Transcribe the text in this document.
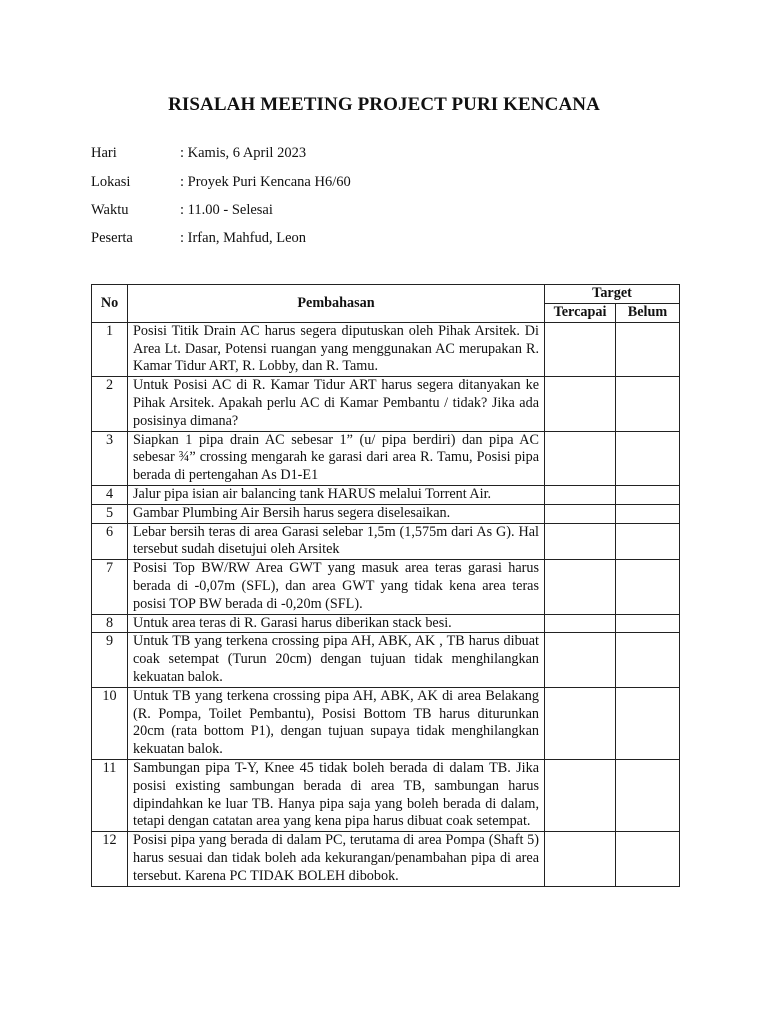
RISALAH MEETING PROJECT PURI KENCANA
Hari	: Kamis, 6 April 2023
Lokasi	: Proyek Puri Kencana H6/60
Waktu	: 11.00 - Selesai
Peserta	: Irfan, Mahfud, Leon
No	Pembahasan	Target	
		Tercapai	Belum
1	Posisi Titik Drain AC harus segera diputuskan oleh Pihak Arsitek. Di Area Lt. Dasar, Potensi ruangan yang menggunakan AC merupakan R. Kamar Tidur ART, R. Lobby, dan R. Tamu.		
2	Untuk Posisi AC di R. Kamar Tidur ART harus segera ditanyakan ke Pihak Arsitek. Apakah perlu AC di Kamar Pembantu / tidak? Jika ada posisinya dimana?		
3	Siapkan 1 pipa drain AC sebesar 1” (u/ pipa berdiri) dan pipa AC sebesar ¾” crossing mengarah ke garasi dari area R. Tamu, Posisi pipa berada di pertengahan As D1-E1		
4	Jalur pipa isian air balancing tank HARUS melalui Torrent Air.		
5	Gambar Plumbing Air Bersih harus segera diselesaikan.		
6	Lebar bersih teras di area Garasi selebar 1,5m (1,575m dari As G). Hal tersebut sudah disetujui oleh Arsitek		
7	Posisi Top BW/RW Area GWT yang masuk area teras garasi harus berada di -0,07m (SFL), dan area GWT yang tidak kena area teras posisi TOP BW berada di -0,20m (SFL).		
8	Untuk area teras di R. Garasi harus diberikan stack besi.		
9	Untuk TB yang terkena crossing pipa AH, ABK, AK , TB harus dibuat coak setempat (Turun 20cm) dengan tujuan tidak menghilangkan kekuatan balok.		
10	Untuk TB yang terkena crossing pipa AH, ABK, AK di area Belakang (R. Pompa, Toilet Pembantu), Posisi Bottom TB harus diturunkan 20cm (rata bottom P1), dengan tujuan supaya tidak menghilangkan kekuatan balok.		
11	Sambungan pipa T-Y, Knee 45 tidak boleh berada di dalam TB. Jika posisi existing sambungan berada di area TB, sambungan harus dipindahkan ke luar TB. Hanya pipa saja yang boleh berada di dalam, tetapi dengan catatan area yang kena pipa harus dibuat coak setempat.		
12	Posisi pipa yang berada di dalam PC, terutama di area Pompa (Shaft 5) harus sesuai dan tidak boleh ada kekurangan/penambahan pipa di area tersebut. Karena PC TIDAK BOLEH dibobok.		
